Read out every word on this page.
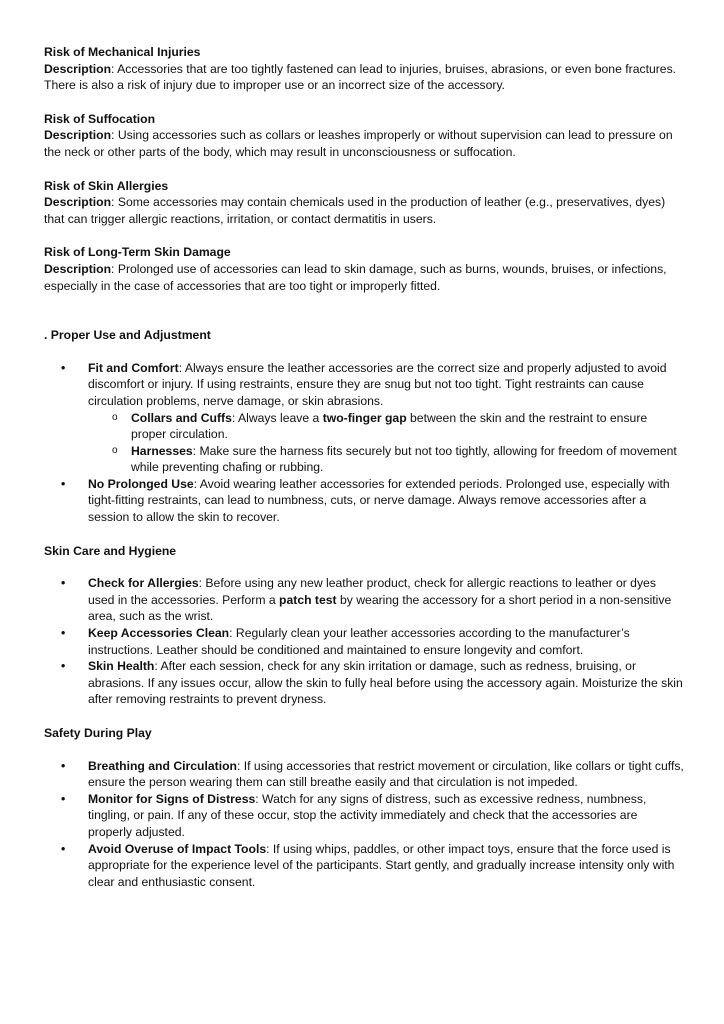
Risk of Mechanical Injuries
Description: Accessories that are too tightly fastened can lead to injuries, bruises, abrasions, or even bone fractures. There is also a risk of injury due to improper use or an incorrect size of the accessory.
Risk of Suffocation
Description: Using accessories such as collars or leashes improperly or without supervision can lead to pressure on the neck or other parts of the body, which may result in unconsciousness or suffocation.
Risk of Skin Allergies
Description: Some accessories may contain chemicals used in the production of leather (e.g., preservatives, dyes) that can trigger allergic reactions, irritation, or contact dermatitis in users.
Risk of Long-Term Skin Damage
Description: Prolonged use of accessories can lead to skin damage, such as burns, wounds, bruises, or infections, especially in the case of accessories that are too tight or improperly fitted.
. Proper Use and Adjustment
• Fit and Comfort: Always ensure the leather accessories are the correct size and properly adjusted to avoid discomfort or injury. If using restraints, ensure they are snug but not too tight. Tight restraints can cause circulation problems, nerve damage, or skin abrasions.
o Collars and Cuffs: Always leave a two-finger gap between the skin and the restraint to ensure proper circulation.
o Harnesses: Make sure the harness fits securely but not too tightly, allowing for freedom of movement while preventing chafing or rubbing.
• No Prolonged Use: Avoid wearing leather accessories for extended periods. Prolonged use, especially with tight-fitting restraints, can lead to numbness, cuts, or nerve damage. Always remove accessories after a session to allow the skin to recover.
Skin Care and Hygiene
• Check for Allergies: Before using any new leather product, check for allergic reactions to leather or dyes used in the accessories. Perform a patch test by wearing the accessory for a short period in a non-sensitive area, such as the wrist.
• Keep Accessories Clean: Regularly clean your leather accessories according to the manufacturer’s instructions. Leather should be conditioned and maintained to ensure longevity and comfort.
• Skin Health: After each session, check for any skin irritation or damage, such as redness, bruising, or abrasions. If any issues occur, allow the skin to fully heal before using the accessory again. Moisturize the skin after removing restraints to prevent dryness.
Safety During Play
• Breathing and Circulation: If using accessories that restrict movement or circulation, like collars or tight cuffs, ensure the person wearing them can still breathe easily and that circulation is not impeded.
• Monitor for Signs of Distress: Watch for any signs of distress, such as excessive redness, numbness, tingling, or pain. If any of these occur, stop the activity immediately and check that the accessories are properly adjusted.
• Avoid Overuse of Impact Tools: If using whips, paddles, or other impact toys, ensure that the force used is appropriate for the experience level of the participants. Start gently, and gradually increase intensity only with clear and enthusiastic consent.
